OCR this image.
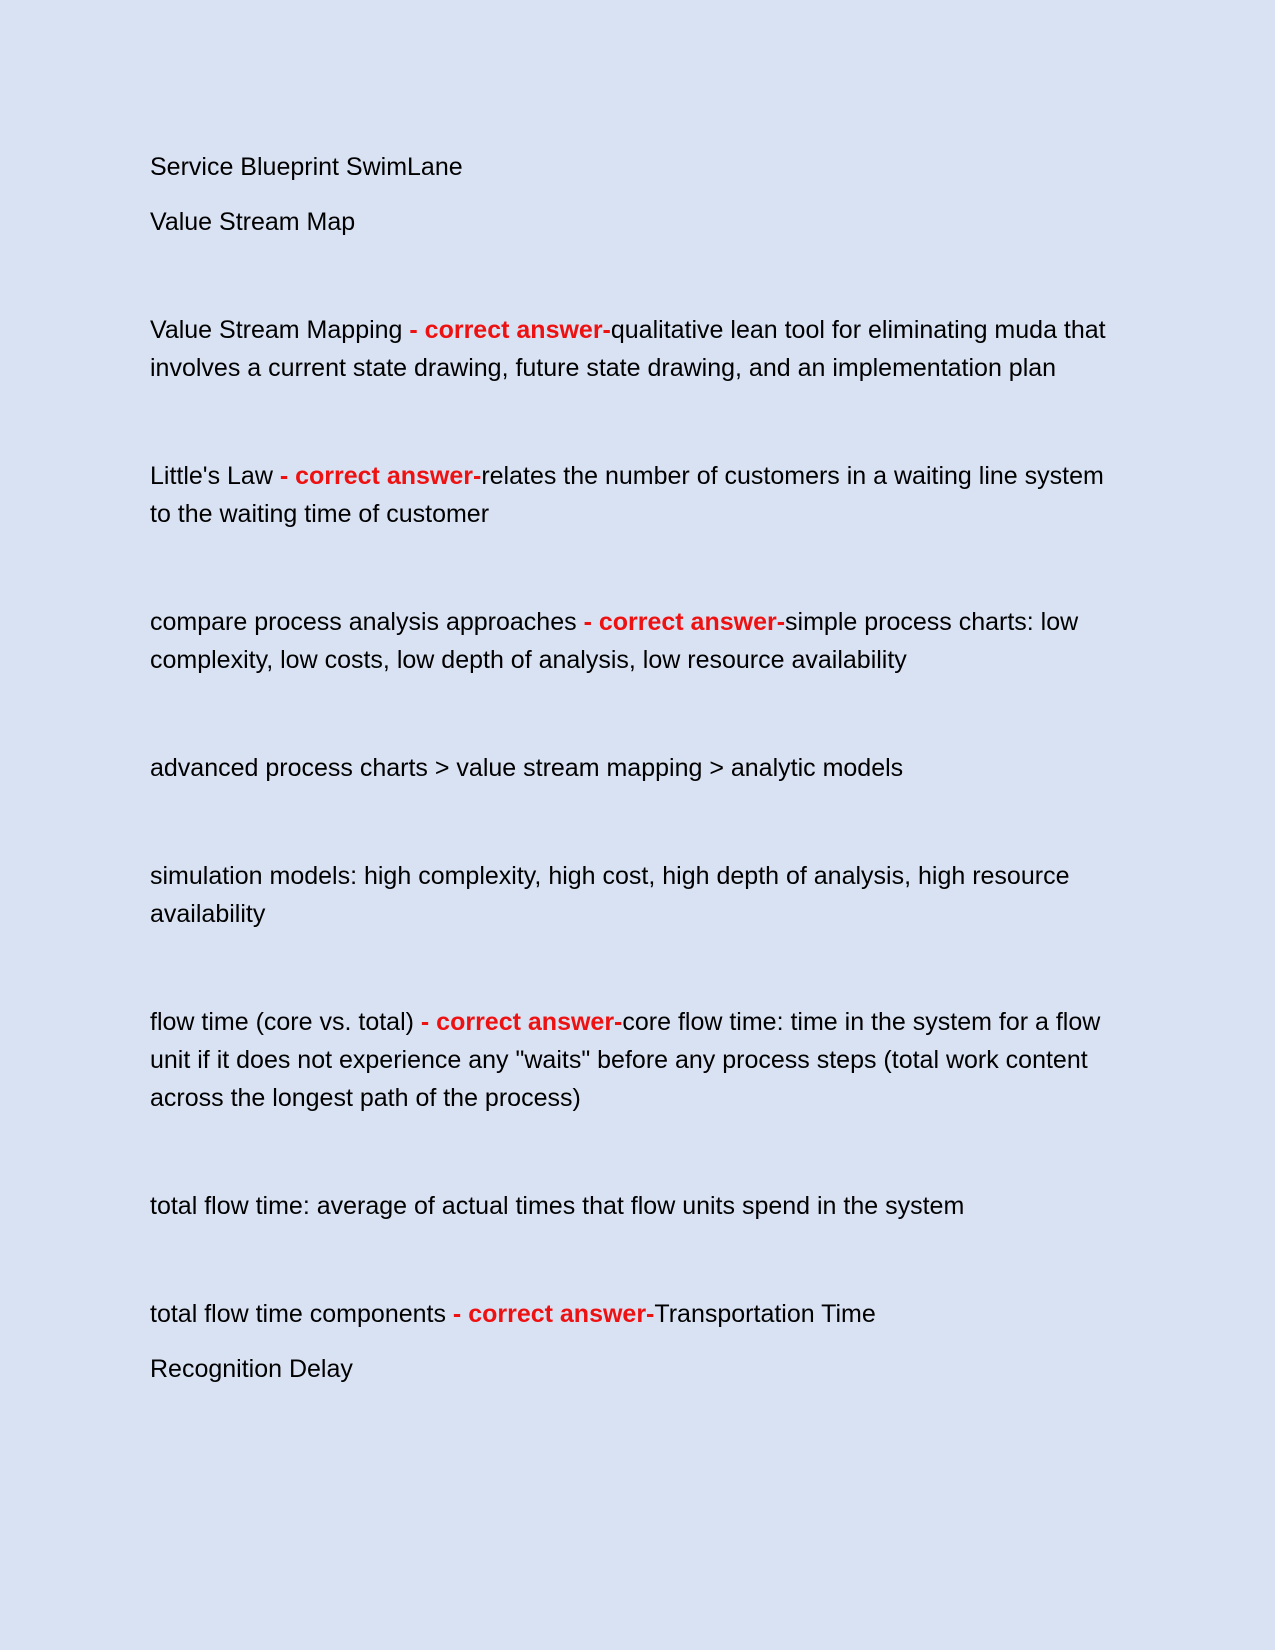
Service Blueprint SwimLane

Value Stream Map

Value Stream Mapping - correct answer-qualitative lean tool for eliminating muda that involves a current state drawing, future state drawing, and an implementation plan

Little's Law - correct answer-relates the number of customers in a waiting line system to the waiting time of customer

compare process analysis approaches - correct answer-simple process charts: low complexity, low costs, low depth of analysis, low resource availability

advanced process charts > value stream mapping > analytic models

simulation models: high complexity, high cost, high depth of analysis, high resource availability

flow time (core vs. total) - correct answer-core flow time: time in the system for a flow unit if it does not experience any "waits" before any process steps (total work content across the longest path of the process)

total flow time: average of actual times that flow units spend in the system

total flow time components - correct answer-Transportation Time

Recognition Delay
